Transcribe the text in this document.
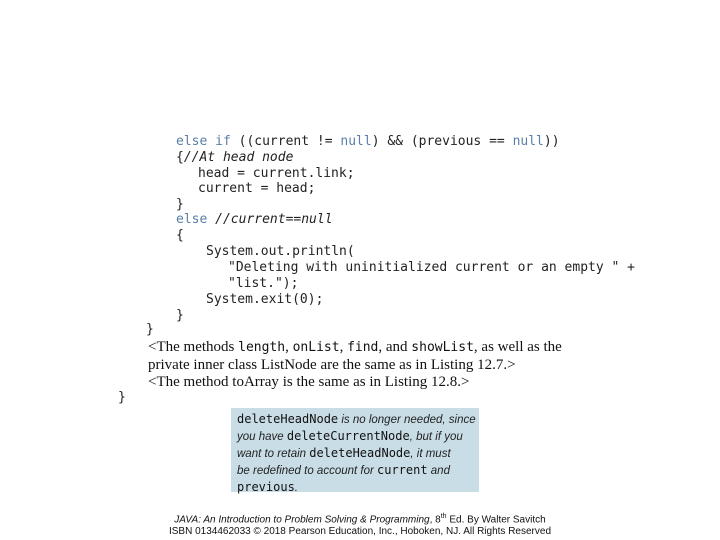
else if ((current != null) && (previous == null))
{//At head node
head = current.link;
current = head;
}
else //current==null
{
System.out.println(
"Deleting with uninitialized current or an empty " +
"list.");
System.exit(0);
}
}
<The methods length, onList, find, and showList, as well as the
private inner class ListNode are the same as in Listing 12.7.>
<The method toArray is the same as in Listing 12.8.>
}
deleteHeadNode is no longer needed, since
you have deleteCurrentNode, but if you
want to retain deleteHeadNode, it must
be redefined to account for current and
previous.
JAVA: An Introduction to Problem Solving & Programming, 8th Ed. By Walter Savitch
ISBN 0134462033 © 2018 Pearson Education, Inc., Hoboken, NJ. All Rights Reserved
